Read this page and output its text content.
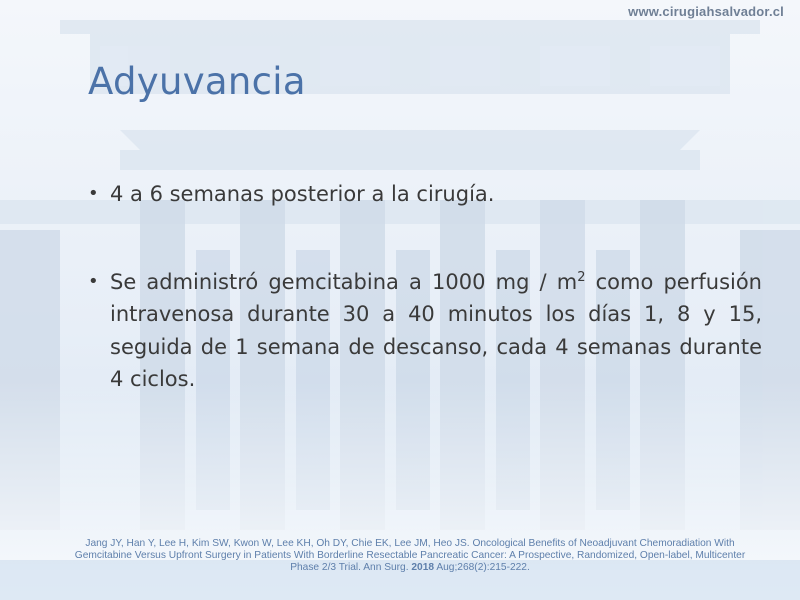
www.cirugiahsalvador.cl
Adyuvancia
• 4 a 6 semanas posterior a la cirugía.
• Se administró gemcitabina a 1000 mg / $m^2$ como perfusión intravenosa durante 30 a 40 minutos los días 1, 8 y 15, seguida de 1 semana de descanso, cada 4 semanas durante 4 ciclos.
Jang JY, Han Y, Lee H, Kim SW, Kwon W, Lee KH, Oh DY, Chie EK, Lee JM, Heo JS. Oncological Benefits of Neoadjuvant Chemoradiation With Gemcitabine Versus Upfront Surgery in Patients With Borderline Resectable Pancreatic Cancer: A Prospective, Randomized, Open-label, Multicenter Phase 2/3 Trial. Ann Surg. 2018 Aug;268(2):215-222.
